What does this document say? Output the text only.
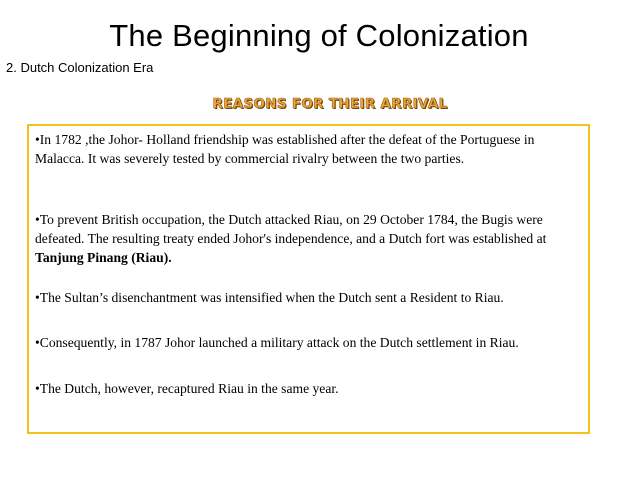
The Beginning of Colonization
2. Dutch Colonization Era
REASONS FOR THEIR ARRIVAL
•In 1782 ,the Johor- Holland friendship was established after the defeat of the Portuguese in Malacca. It was severely tested by commercial rivalry between the two parties.
•To prevent British occupation, the Dutch attacked Riau, on 29 October 1784, the Bugis were defeated. The resulting treaty ended Johor's independence, and a Dutch fort was established at Tanjung Pinang (Riau).
•The Sultan’s disenchantment was intensified when the Dutch sent a Resident to Riau.
•Consequently, in 1787 Johor launched a military attack on the Dutch settlement in Riau.
•The Dutch, however, recaptured Riau in the same year.
